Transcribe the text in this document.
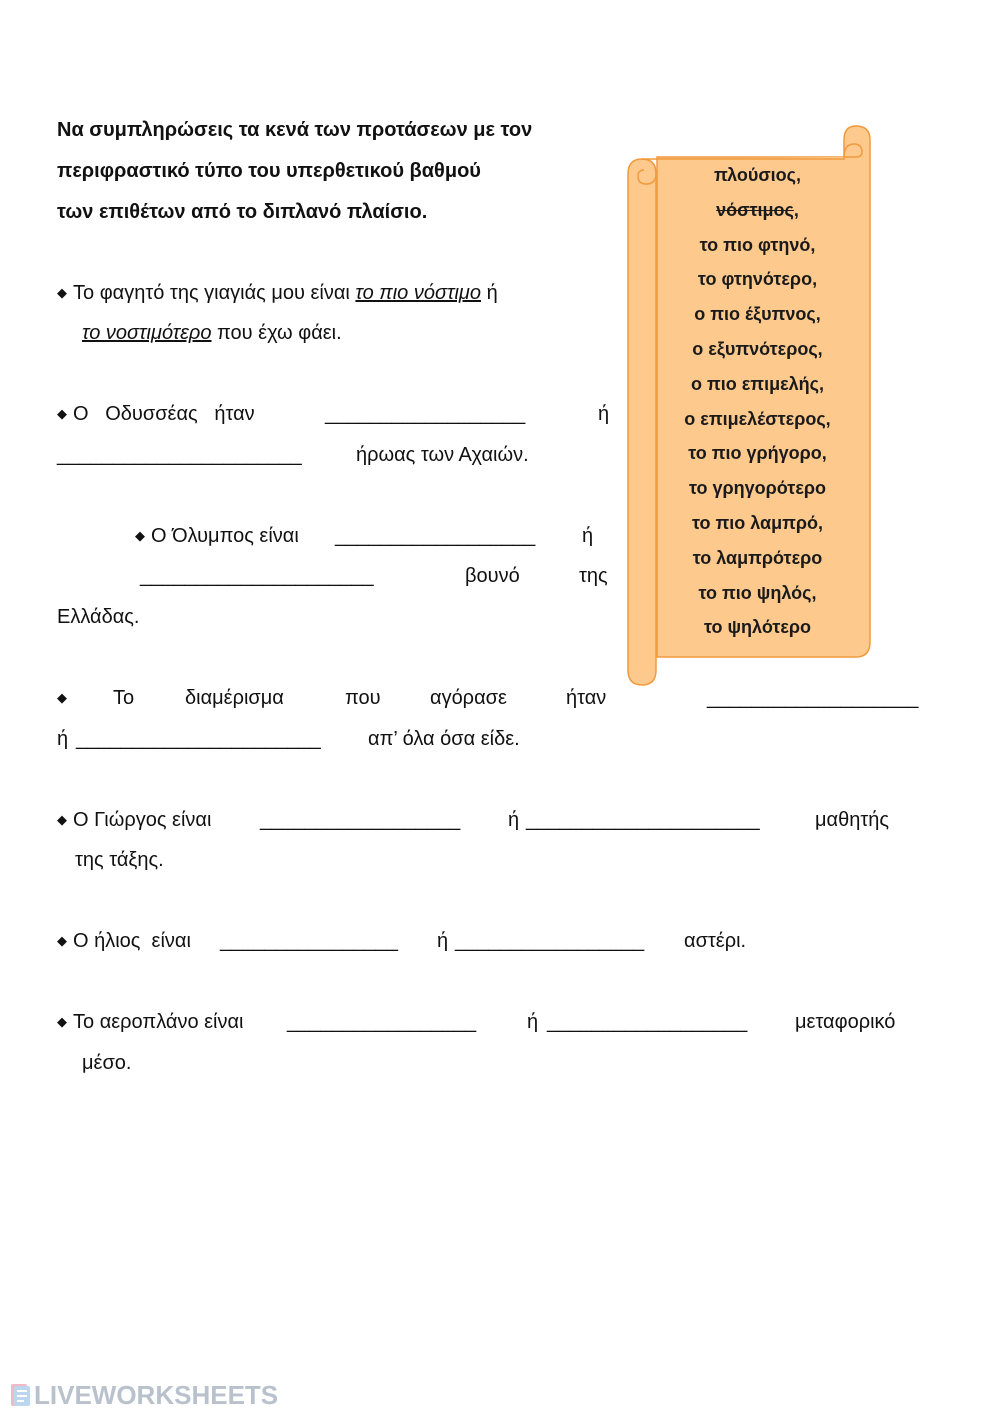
Να συμπληρώσεις τα κενά των προτάσεων με τον
περιφραστικό τύπο του υπερθετικού βαθμού
των επιθέτων από το διπλανό πλαίσιο.
◆ Το φαγητό της γιαγιάς μου είναι το πιο νόστιμο ή
το νοστιμότερο που έχω φάει.
◆ Ο   Οδυσσέας   ήταν	__________________	ή
______________________	ήρωας των Αχαιών.
◆ Ο Όλυμπος είναι __________________ ή
_____________________	βουνό	της
Ελλάδας.
◆	Το	διαμέρισμα	που αγόρασε	ήταν	___________________
ή ______________________ απ’ όλα όσα είδε.
◆ Ο Γιώργος είναι __________________ ή _____________________	μαθητής
της τάξης.
◆ Ο ήλιος  είναι ________________ ή _________________ αστέρι.
◆ Το αεροπλάνο είναι _________________	ή __________________ μεταφορικό
μέσο.
πλούσιος,
νόστιμος,
το πιο φτηνό,
το φτηνότερο,
ο πιο έξυπνος,
ο εξυπνότερος,
ο πιο επιμελής,
ο επιμελέστερος,
το πιο γρήγορο,
το γρηγορότερο
το πιο λαμπρό,
το λαμπρότερο
το πιο ψηλός,
το ψηλότερο
LIVEWORKSHEETS
